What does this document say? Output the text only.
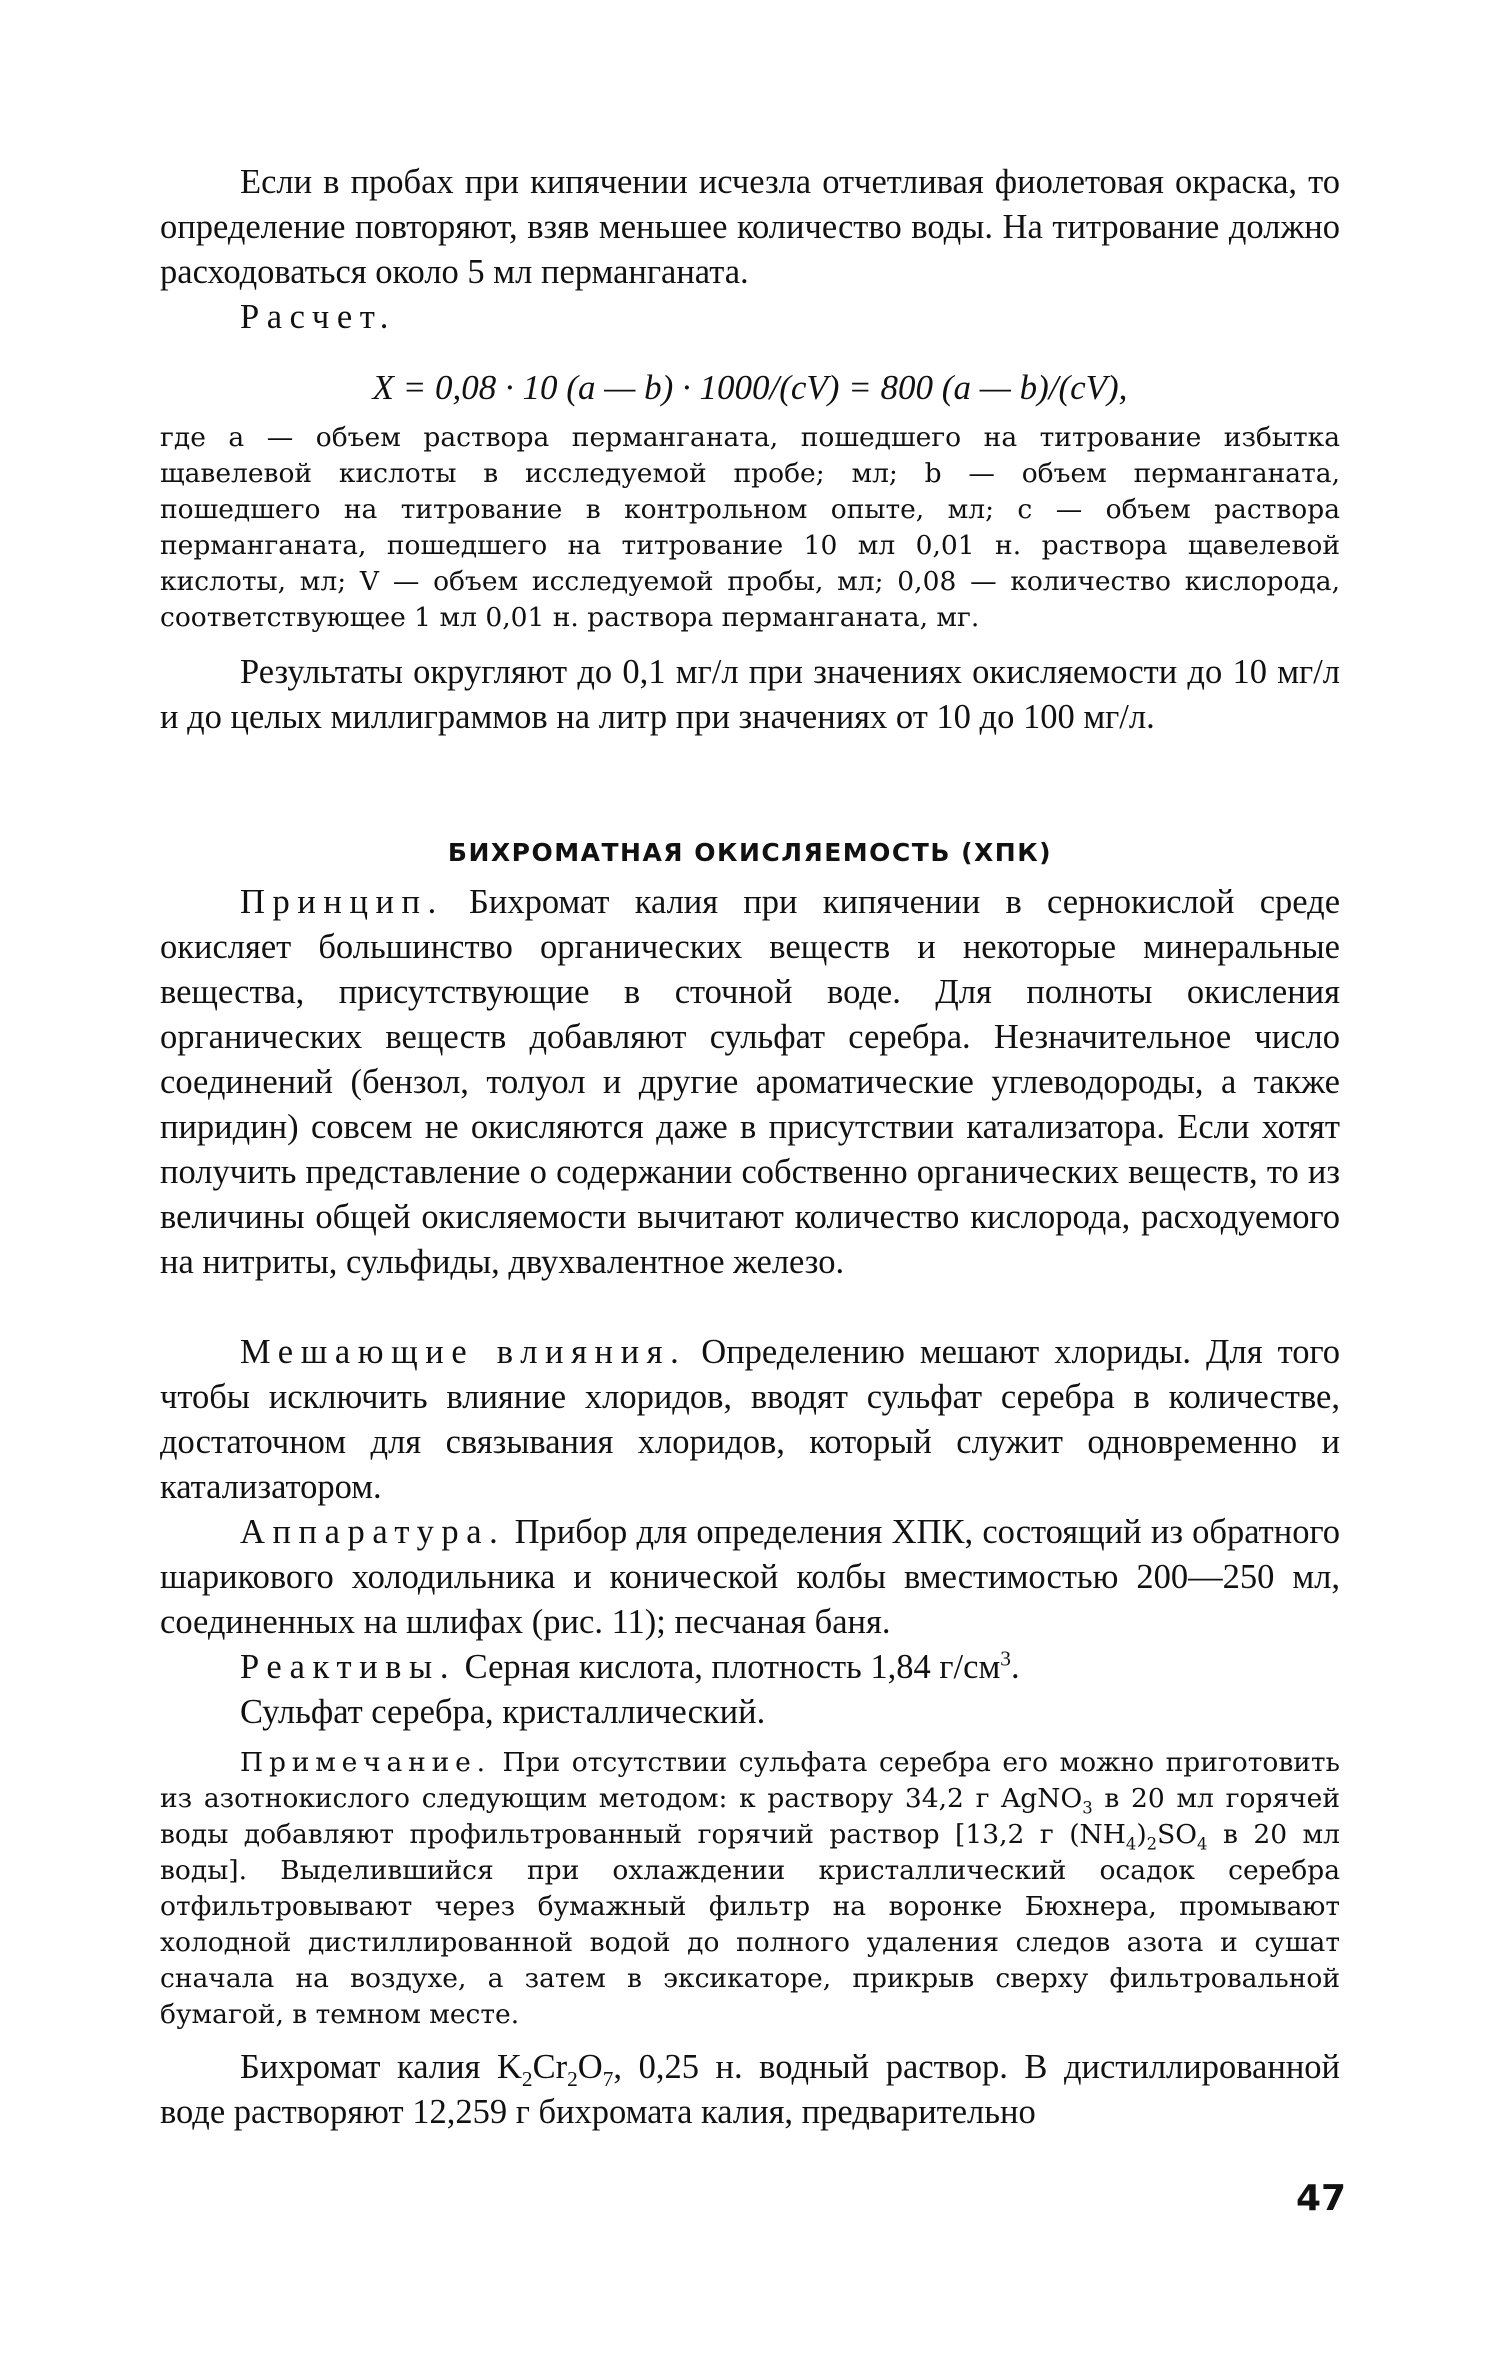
Если в пробах при кипячении исчезла отчетливая фиолетовая окраска, то определение повторяют, взяв меньшее количество воды. На титрование должно расходоваться около 5 мл перманганата.

Расчет.

X = 0,08 · 10 (a — b) · 1000/(cV) = 800 (a — b)/(cV),

где a — объем раствора перманганата, пошедшего на титрование избытка щавелевой кислоты в исследуемой пробе; мл; b — объем перманганата, пошедшего на титрование в контрольном опыте, мл; c — объем раствора перманганата, пошедшего на титрование 10 мл 0,01 н. раствора щавелевой кислоты, мл; V — объем исследуемой пробы, мл; 0,08 — количество кислорода, соответствующее 1 мл 0,01 н. раствора перманганата, мг.

Результаты округляют до 0,1 мг/л при значениях окисляемости до 10 мг/л и до целых миллиграммов на литр при значениях от 10 до 100 мг/л.

БИХРОМАТНАЯ ОКИСЛЯЕМОСТЬ (ХПК)

Принцип. Бихромат калия при кипячении в сернокислой среде окисляет большинство органических веществ и некоторые минеральные вещества, присутствующие в сточной воде. Для полноты окисления органических веществ добавляют сульфат серебра. Незначительное число соединений (бензол, толуол и другие ароматические углеводороды, а также пиридин) совсем не окисляются даже в присутствии катализатора. Если хотят получить представление о содержании собственно органических веществ, то из величины общей окисляемости вычитают количество кислорода, расходуемого на нитриты, сульфиды, двухвалентное железо.

Мешающие влияния. Определению мешают хлориды. Для того чтобы исключить влияние хлоридов, вводят сульфат серебра в количестве, достаточном для связывания хлоридов, который служит одновременно и катализатором.

Аппаратура. Прибор для определения ХПК, состоящий из обратного шарикового холодильника и конической колбы вместимостью 200—250 мл, соединенных на шлифах (рис. 11); песчаная баня.

Реактивы. Серная кислота, плотность 1,84 $г/см^3$.

Сульфат серебра, кристаллический.

Примечание. При отсутствии сульфата серебра его можно приготовить из азотнокислого следующим методом: к раствору 34,2 г AgNO$_3$ в 20 мл горячей воды добавляют профильтрованный горячий раствор [13,2 г $(NH_4)_2SO_4$ в 20 мл воды]. Выделившийся при охлаждении кристаллический осадок серебра отфильтровывают через бумажный фильтр на воронке Бюхнера, промывают холодной дистиллированной водой до полного удаления следов азота и сушат сначала на воздухе, а затем в эксикаторе, прикрыв сверху фильтровальной бумагой, в темном месте.

Бихромат калия $K_2Cr_2O_7$, 0,25 н. водный раствор. В дистиллированной воде растворяют 12,259 г бихромата калия, предварительно

47
